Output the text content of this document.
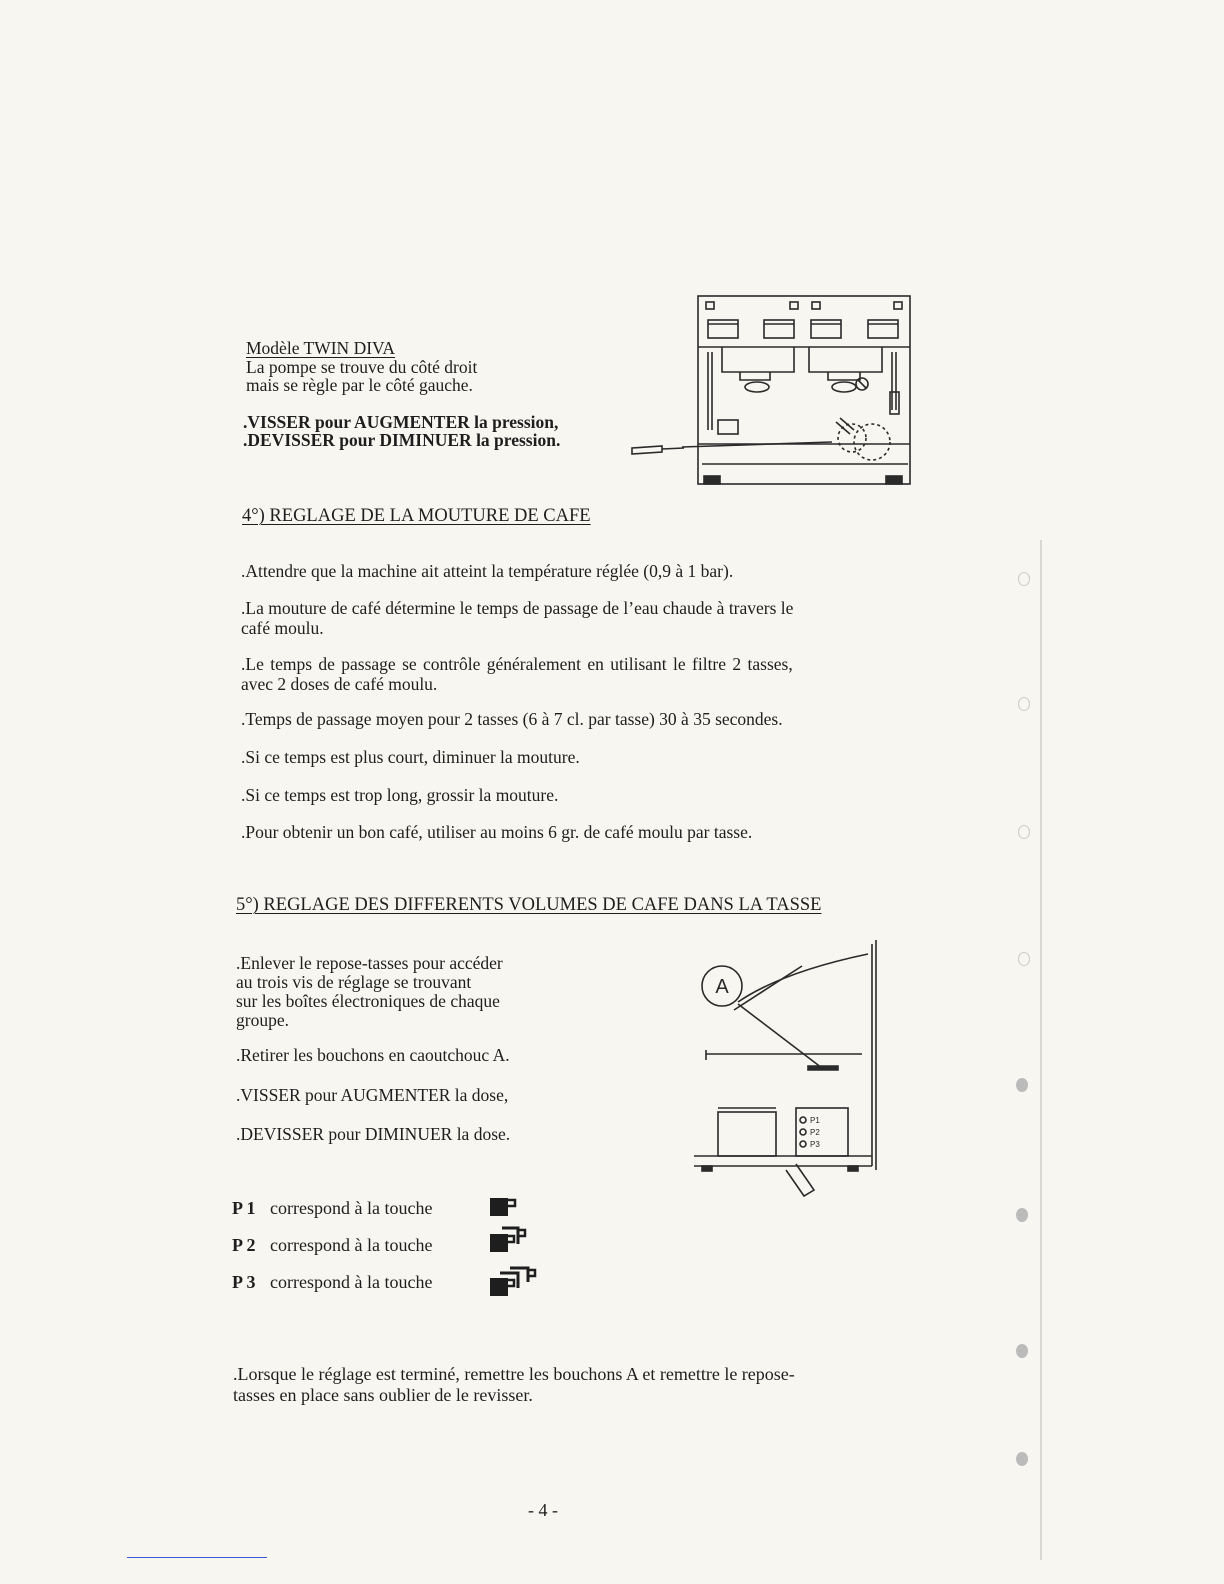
Modèle TWIN DIVA
La pompe se trouve du côté droit
mais se règle par le côté gauche.
.VISSER pour AUGMENTER la pression,
.DEVISSER pour DIMINUER la pression.
4°) REGLAGE DE LA MOUTURE DE CAFE
.Attendre que la machine ait atteint la température réglée (0,9 à 1 bar).
.La mouture de café détermine le temps de passage de l’eau chaude à travers le
café moulu.
.Le temps de passage se contrôle généralement en utilisant le filtre 2 tasses,
avec 2 doses de café moulu.
.Temps de passage moyen pour 2 tasses (6 à 7 cl. par tasse) 30 à 35 secondes.
.Si ce temps est plus court, diminuer la mouture.
.Si ce temps est trop long, grossir la mouture.
.Pour obtenir un bon café, utiliser au moins 6 gr. de café moulu par tasse.
5°) REGLAGE DES DIFFERENTS VOLUMES DE CAFE DANS LA TASSE
.Enlever le repose-tasses pour accéder
au trois vis de réglage se trouvant
sur les boîtes électroniques de chaque
groupe.
.Retirer les bouchons en caoutchouc A.
.VISSER pour AUGMENTER la dose,
.DEVISSER pour DIMINUER la dose.
A
P1
P2
P3
P 1 correspond à la touche
P 2 correspond à la touche
P 3 correspond à la touche
.Lorsque le réglage est terminé, remettre les bouchons A et remettre le repose-
tasses en place sans oublier de le revisser.
- 4 -
